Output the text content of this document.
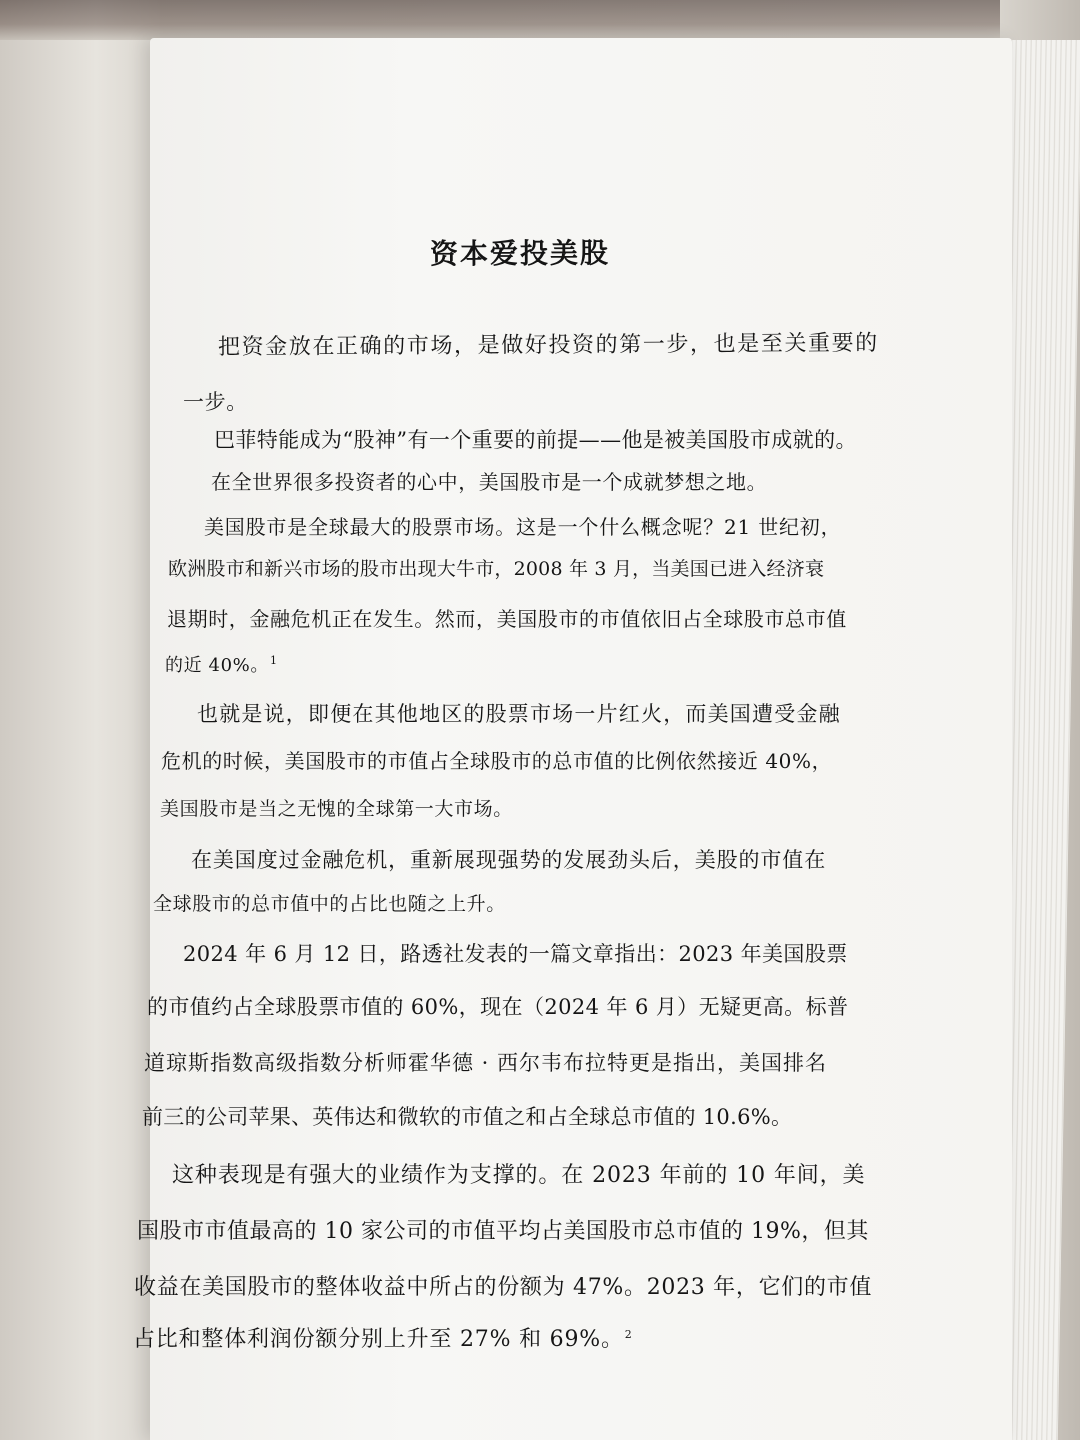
资本爱投美股
把资金放在正确的市场，是做好投资的第一步，也是至关重要的
一步。
巴菲特能成为“股神”有一个重要的前提——他是被美国股市成就的。
在全世界很多投资者的心中，美国股市是一个成就梦想之地。
美国股市是全球最大的股票市场。这是一个什么概念呢？21 世纪初，
欧洲股市和新兴市场的股市出现大牛市，2008 年 3 月，当美国已进入经济衰
退期时，金融危机正在发生。然而，美国股市的市值依旧占全球股市总市值
的近 40%。$^1$
也就是说，即便在其他地区的股票市场一片红火，而美国遭受金融
危机的时候，美国股市的市值占全球股市的总市值的比例依然接近 40%，
美国股市是当之无愧的全球第一大市场。
在美国度过金融危机，重新展现强势的发展劲头后，美股的市值在
全球股市的总市值中的占比也随之上升。
2024 年 6 月 12 日，路透社发表的一篇文章指出：2023 年美国股票
的市值约占全球股票市值的 60%，现在（2024 年 6 月）无疑更高。标普
道琼斯指数高级指数分析师霍华德 · 西尔韦布拉特更是指出，美国排名
前三的公司苹果、英伟达和微软的市值之和占全球总市值的 10.6%。
这种表现是有强大的业绩作为支撑的。在 2023 年前的 10 年间，美
国股市市值最高的 10 家公司的市值平均占美国股市总市值的 19%，但其
收益在美国股市的整体收益中所占的份额为 47%。2023 年，它们的市值
占比和整体利润份额分别上升至 27% 和 69%。$^2$
